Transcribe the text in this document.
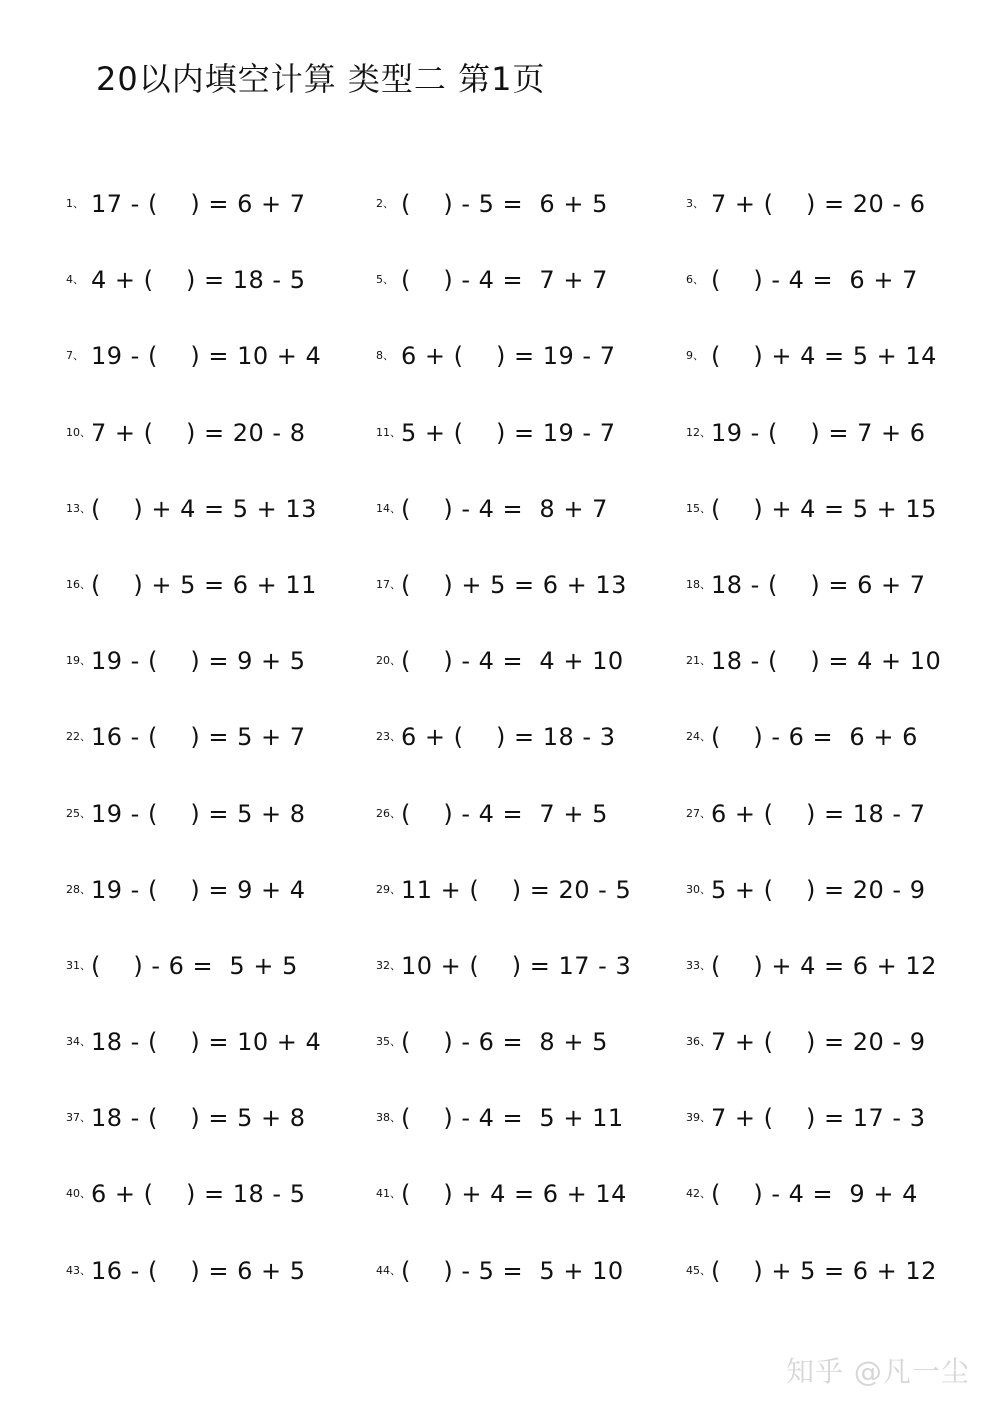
20以内填空计算 类型二 第1页
1、 17 - (    ) = 6 + 7	2、 (    ) - 5 =  6 + 5	3、 7 + (    ) = 20 - 6
4、 4 + (    ) = 18 - 5	5、 (    ) - 4 =  7 + 7	6、 (    ) - 4 =  6 + 7
7、 19 - (    ) = 10 + 4	8、 6 + (    ) = 19 - 7	9、 (    ) + 4 = 5 + 14
10、 7 + (    ) = 20 - 8	11、 5 + (    ) = 19 - 7	12、 19 - (    ) = 7 + 6
13、 (    ) + 4 = 5 + 13	14、 (    ) - 4 =  8 + 7	15、 (    ) + 4 = 5 + 15
16、 (    ) + 5 = 6 + 11	17、 (    ) + 5 = 6 + 13	18、 18 - (    ) = 6 + 7
19、 19 - (    ) = 9 + 5	20、 (    ) - 4 =  4 + 10	21、 18 - (    ) = 4 + 10
22、 16 - (    ) = 5 + 7	23、 6 + (    ) = 18 - 3	24、 (    ) - 6 =  6 + 6
25、 19 - (    ) = 5 + 8	26、 (    ) - 4 =  7 + 5	27、 6 + (    ) = 18 - 7
28、 19 - (    ) = 9 + 4	29、 11 + (    ) = 20 - 5	30、 5 + (    ) = 20 - 9
31、 (    ) - 6 =  5 + 5	32、 10 + (    ) = 17 - 3	33、 (    ) + 4 = 6 + 12
34、 18 - (    ) = 10 + 4	35、 (    ) - 6 =  8 + 5	36、 7 + (    ) = 20 - 9
37、 18 - (    ) = 5 + 8	38、 (    ) - 4 =  5 + 11	39、 7 + (    ) = 17 - 3
40、 6 + (    ) = 18 - 5	41、 (    ) + 4 = 6 + 14	42、 (    ) - 4 =  9 + 4
43、 16 - (    ) = 6 + 5	44、 (    ) - 5 =  5 + 10	45、 (    ) + 5 = 6 + 12
知乎 @凡一尘
